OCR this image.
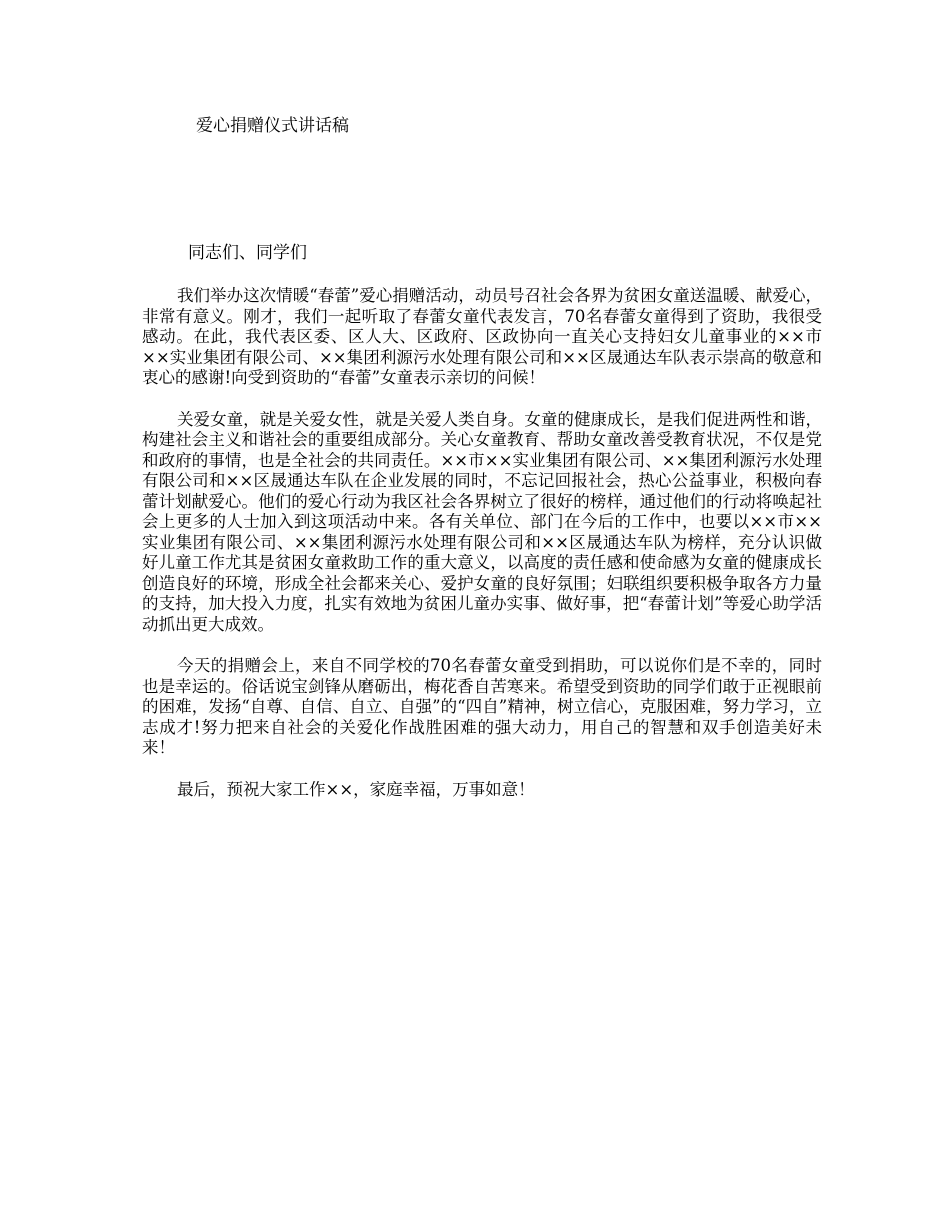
爱心捐赠仪式讲话稿
同志们、同学们

我们举办这次情暖“春蕾”爱心捐赠活动，动员号召社会各界为贫困女童送温暖、献爱心，非常有意义。刚才，我们一起听取了春蕾女童代表发言，70名春蕾女童得到了资助，我很受感动。在此，我代表区委、区人大、区政府、区政协向一直关心支持妇女儿童事业的××市××实业集团有限公司、××集团利源污水处理有限公司和××区晟通达车队表示崇高的敬意和衷心的感谢!向受到资助的“春蕾”女童表示亲切的问候！

关爱女童，就是关爱女性，就是关爱人类自身。女童的健康成长，是我们促进两性和谐，构建社会主义和谐社会的重要组成部分。关心女童教育、帮助女童改善受教育状况，不仅是党和政府的事情，也是全社会的共同责任。××市××实业集团有限公司、××集团利源污水处理有限公司和××区晟通达车队在企业发展的同时，不忘记回报社会，热心公益事业，积极向春蕾计划献爱心。他们的爱心行动为我区社会各界树立了很好的榜样，通过他们的行动将唤起社会上更多的人士加入到这项活动中来。各有关单位、部门在今后的工作中，也要以××市××实业集团有限公司、××集团利源污水处理有限公司和××区晟通达车队为榜样，充分认识做好儿童工作尤其是贫困女童救助工作的重大意义，以高度的责任感和使命感为女童的健康成长创造良好的环境，形成全社会都来关心、爱护女童的良好氛围；妇联组织要积极争取各方力量的支持，加大投入力度，扎实有效地为贫困儿童办实事、做好事，把“春蕾计划”等爱心助学活动抓出更大成效。

今天的捐赠会上，来自不同学校的70名春蕾女童受到捐助，可以说你们是不幸的，同时也是幸运的。俗话说宝剑锋从磨砺出，梅花香自苦寒来。希望受到资助的同学们敢于正视眼前的困难，发扬“自尊、自信、自立、自强”的“四自”精神，树立信心，克服困难，努力学习，立志成才!努力把来自社会的关爱化作战胜困难的强大动力，用自己的智慧和双手创造美好未来！

最后，预祝大家工作××，家庭幸福，万事如意！
